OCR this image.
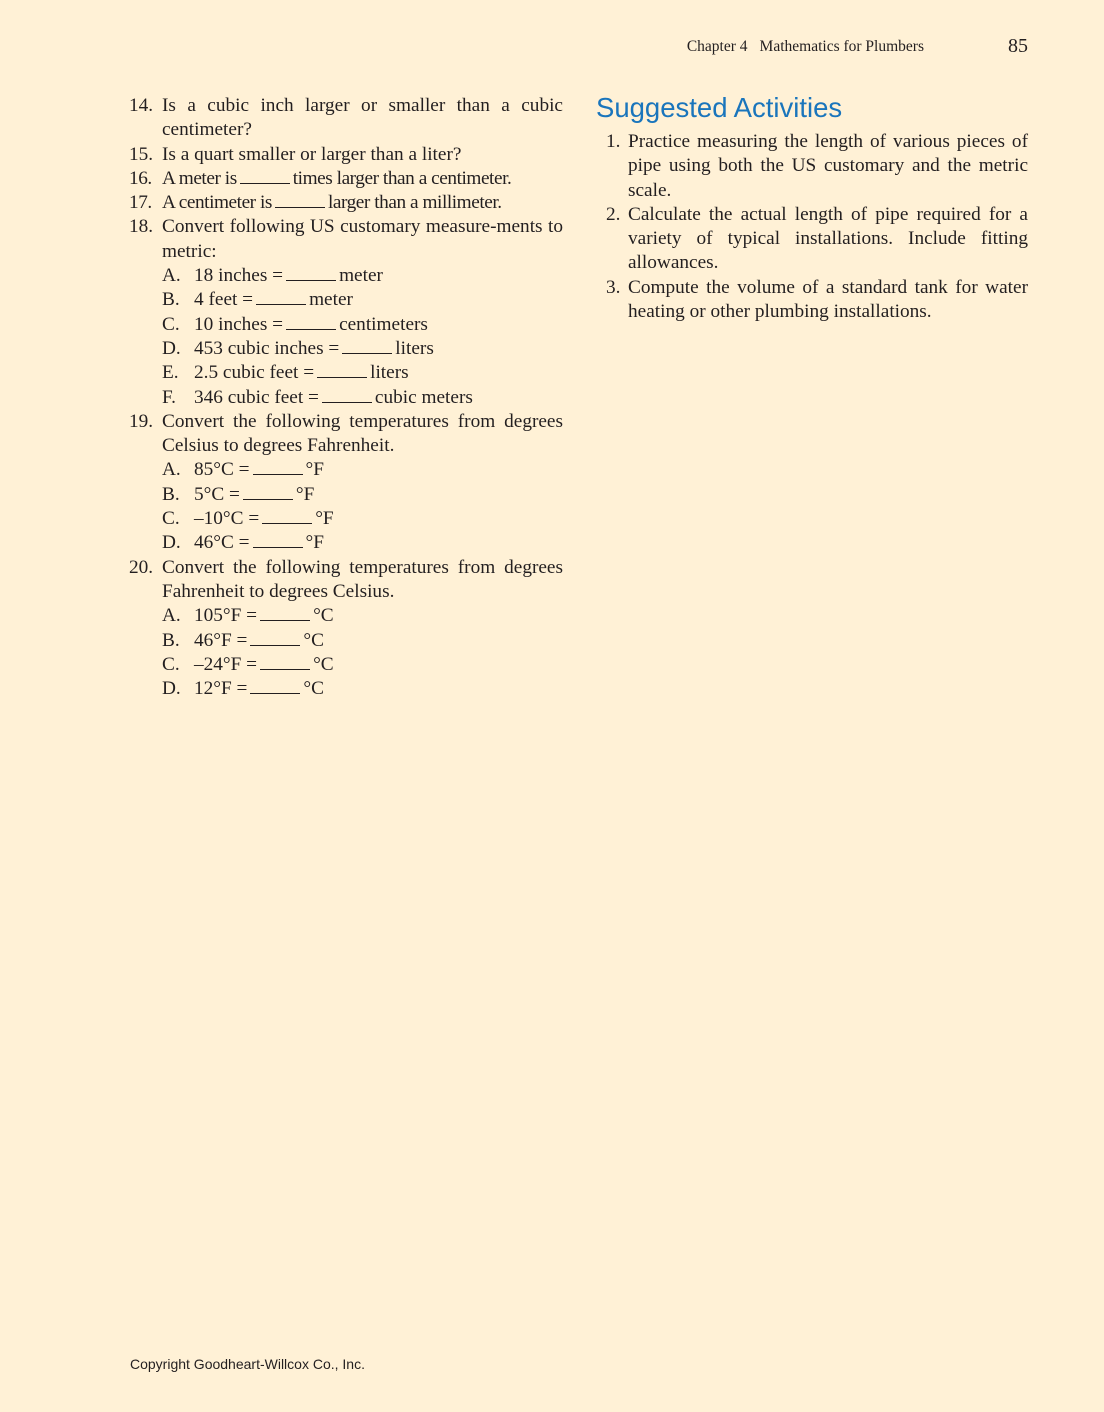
Chapter 4 Mathematics for Plumbers	85
14. Is a cubic inch larger or smaller than a cubic centimeter?
15. Is a quart smaller or larger than a liter?
16. A meter is	times larger than a centimeter.
17. A centimeter is	larger than a millimeter.
18. Convert following US customary measure-ments to metric:
A. 18 inches =	meter
B. 4 feet =	meter
C. 10 inches =	centimeters
D. 453 cubic inches =	liters
E. 2.5 cubic feet =	liters
F. 346 cubic feet =	cubic meters
19. Convert the following temperatures from degrees Celsius to degrees Fahrenheit.
A. 85°C =	°F
B. 5°C =	°F
C. –10°C =	°F
D. 46°C =	°F
20. Convert the following temperatures from degrees Fahrenheit to degrees Celsius.
A. 105°F =	°C
B. 46°F =	°C
C. –24°F =	°C
D. 12°F =	°C
Suggested Activities
1. Practice measuring the length of various pieces of pipe using both the US customary and the metric scale.
2. Calculate the actual length of pipe required for a variety of typical installations. Include fitting allowances.
3. Compute the volume of a standard tank for water heating or other plumbing installations.
Copyright Goodheart-Willcox Co., Inc.
